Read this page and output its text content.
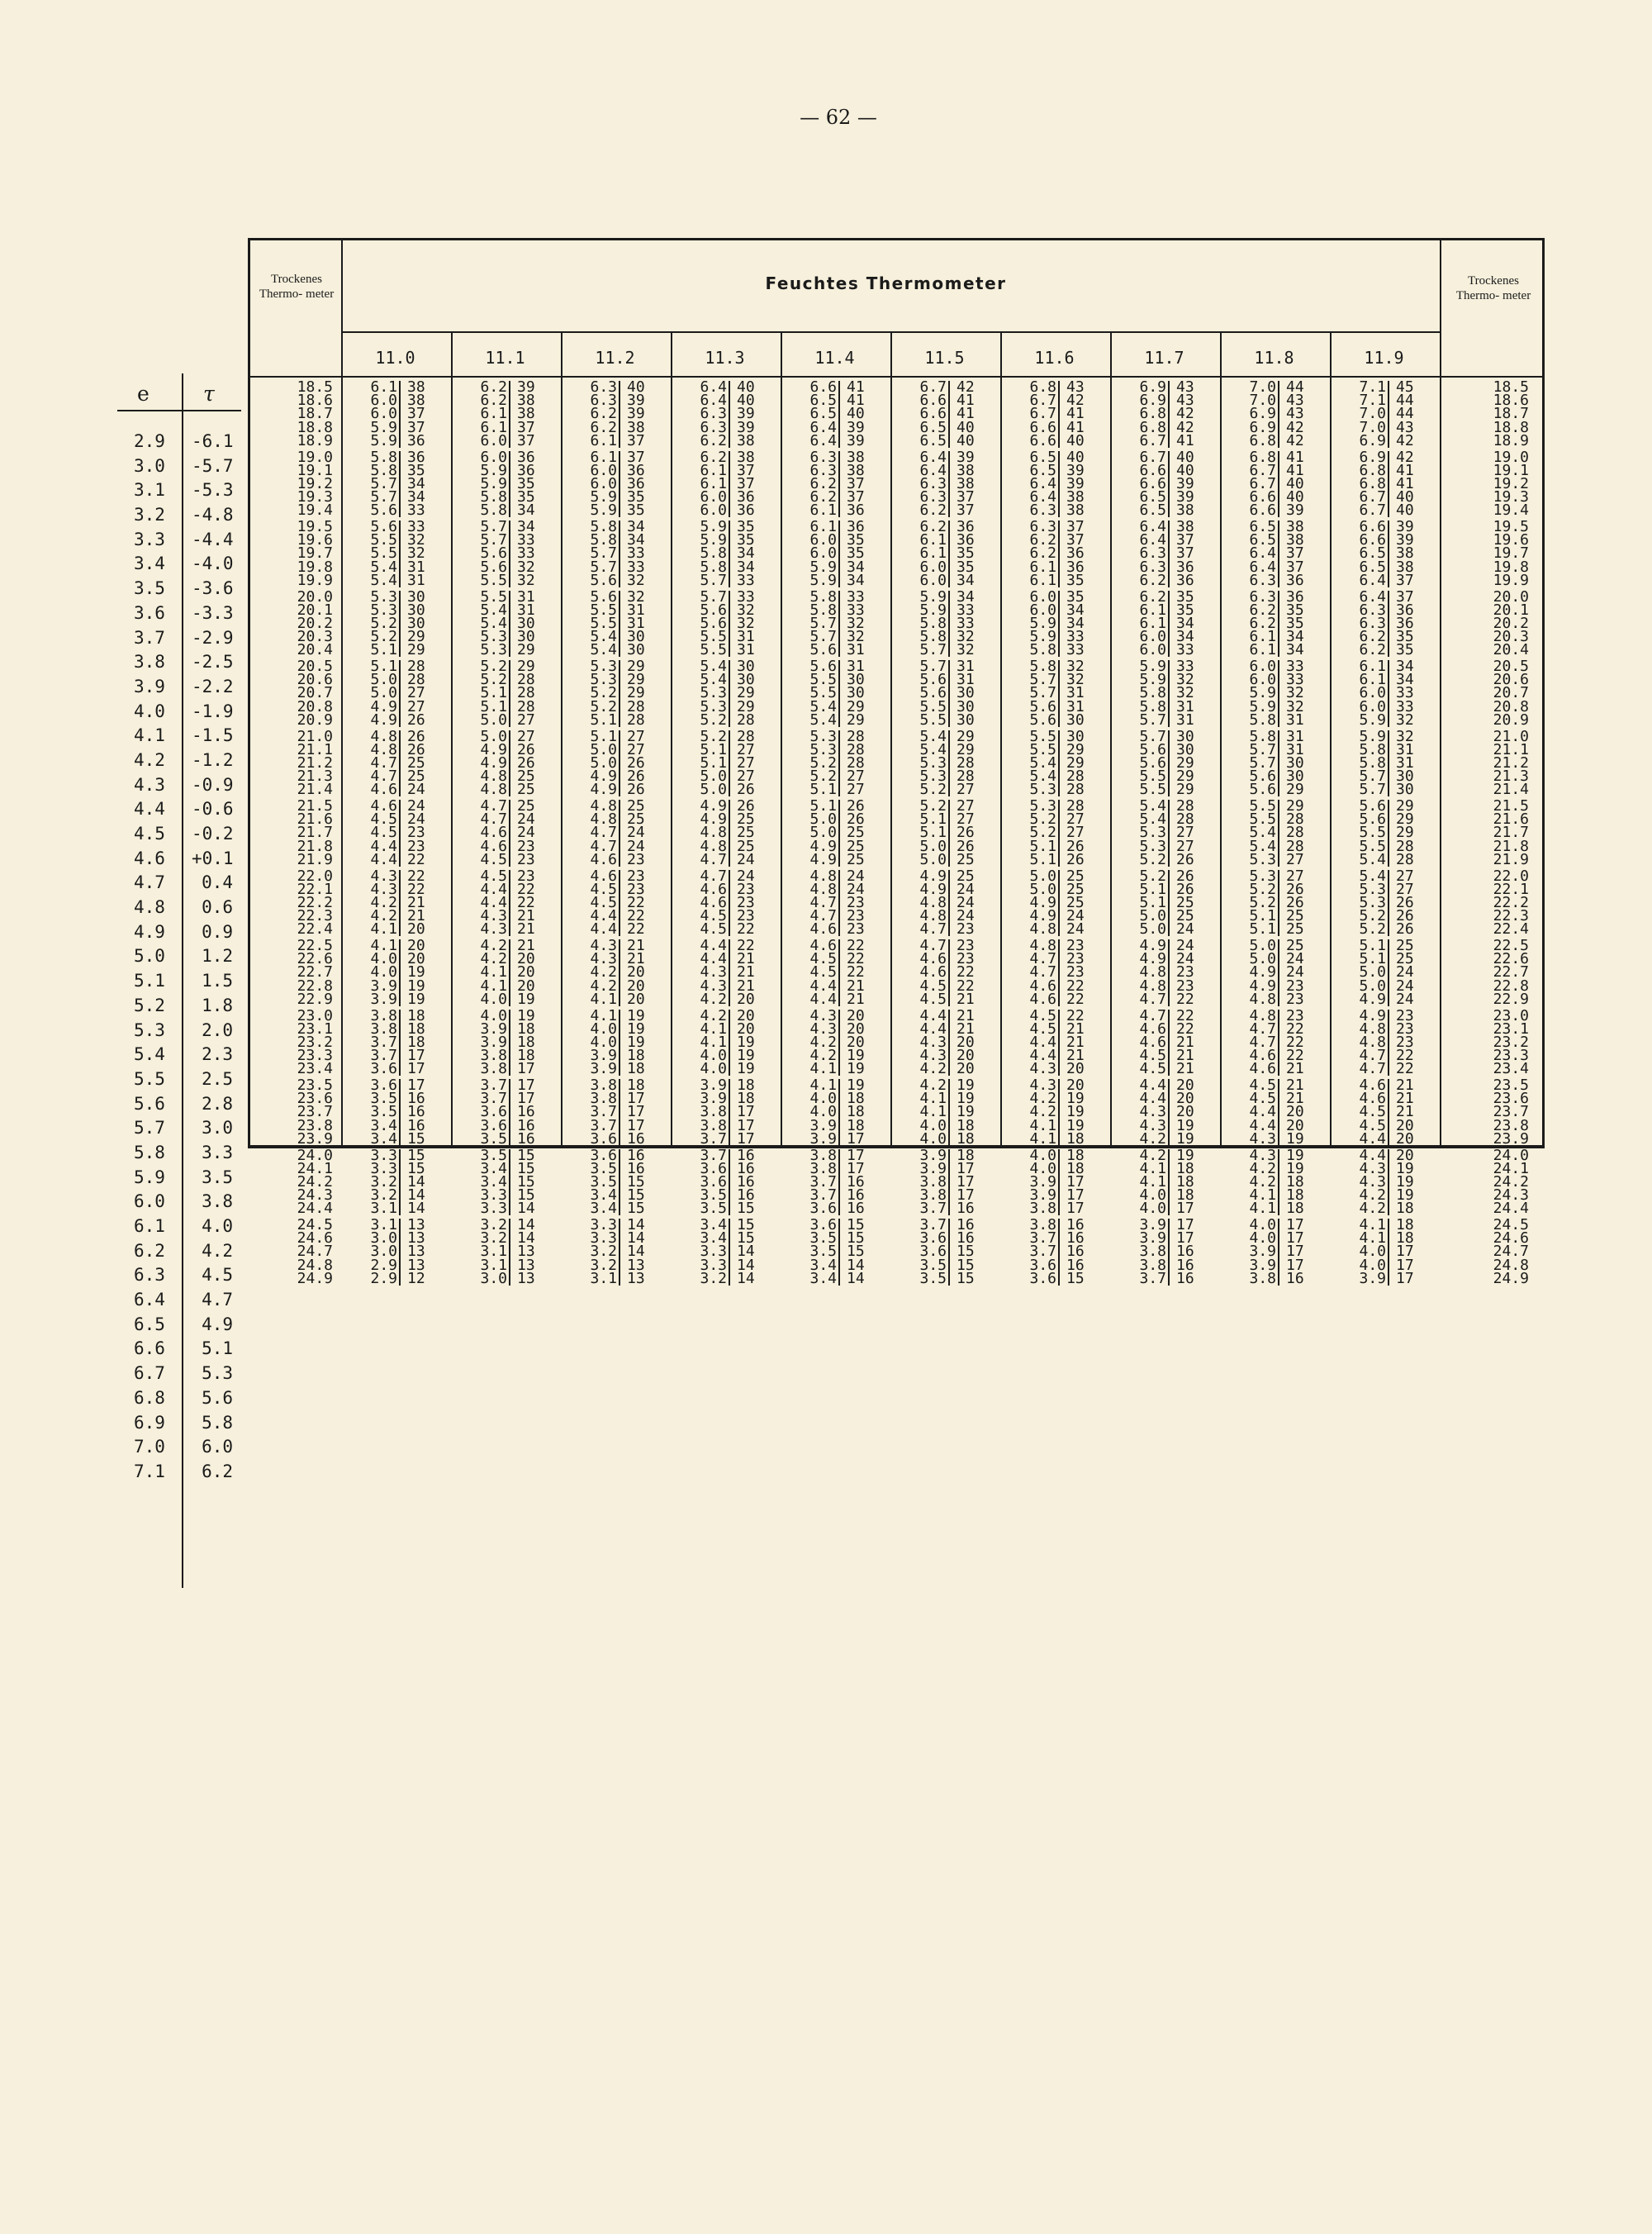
— 62 —
e	τ
2.9 -6.1
3.0 -5.7
3.1 -5.3
3.2 -4.8
3.3 -4.4
3.4 -4.0
3.5 -3.6
3.6 -3.3
3.7 -2.9
3.8 -2.5
3.9 -2.2
4.0 -1.9
4.1 -1.5
4.2 -1.2
4.3 -0.9
4.4 -0.6
4.5 -0.2
4.6 +0.1
4.7	0.4
4.8	0.6
4.9	0.9
5.0	1.2
5.1	1.5
5.2	1.8
5.3	2.0
5.4	2.3
5.5	2.5
5.6	2.8
5.7	3.0
5.8	3.3
5.9	3.5
6.0	3.8
6.1	4.0
6.2	4.2
6.3	4.5
6.4	4.7
6.5	4.9
6.6	5.1
6.7	5.3
6.8	5.6
6.9	5.8
7.0	6.0
7.1	6.2
Trockenes Thermo- meter
Trockenes Thermo- meter
Feuchtes Thermometer
11.0	11.1	11.2	11.3	11.4	11.5	11.6	11.7	11.8	11.9
18.5	6.1 38	6.2 39	6.3 40	6.4 40	6.6 41	6.7 42	6.8 43	6.9 43	7.0 44	7.1 45	18.5
18.6	6.0 38	6.2 38	6.3 39	6.4 40	6.5 41	6.6 41	6.7 42	6.9 43	7.0 43	7.1 44	18.6
18.7	6.0 37	6.1 38	6.2 39	6.3 39	6.5 40	6.6 41	6.7 41	6.8 42	6.9 43	7.0 44	18.7
18.8	5.9 37	6.1 37	6.2 38	6.3 39	6.4 39	6.5 40	6.6 41	6.8 42	6.9 42	7.0 43	18.8
18.9	5.9 36	6.0 37	6.1 37	6.2 38	6.4 39	6.5 40	6.6 40	6.7 41	6.8 42	6.9 42	18.9
19.0	5.8 36	6.0 36	6.1 37	6.2 38	6.3 38	6.4 39	6.5 40	6.7 40	6.8 41	6.9 42	19.0
19.1	5.8 35	5.9 36	6.0 36	6.1 37	6.3 38	6.4 38	6.5 39	6.6 40	6.7 41	6.8 41	19.1
19.2	5.7 34	5.9 35	6.0 36	6.1 37	6.2 37	6.3 38	6.4 39	6.6 39	6.7 40	6.8 41	19.2
19.3	5.7 34	5.8 35	5.9 35	6.0 36	6.2 37	6.3 37	6.4 38	6.5 39	6.6 40	6.7 40	19.3
19.4	5.6 33	5.8 34	5.9 35	6.0 36	6.1 36	6.2 37	6.3 38	6.5 38	6.6 39	6.7 40	19.4
19.5	5.6 33	5.7 34	5.8 34	5.9 35	6.1 36	6.2 36	6.3 37	6.4 38	6.5 38	6.6 39	19.5
19.6	5.5 32	5.7 33	5.8 34	5.9 35	6.0 35	6.1 36	6.2 37	6.4 37	6.5 38	6.6 39	19.6
19.7	5.5 32	5.6 33	5.7 33	5.8 34	6.0 35	6.1 35	6.2 36	6.3 37	6.4 37	6.5 38	19.7
19.8	5.4 31	5.6 32	5.7 33	5.8 34	5.9 34	6.0 35	6.1 36	6.3 36	6.4 37	6.5 38	19.8
19.9	5.4 31	5.5 32	5.6 32	5.7 33	5.9 34	6.0 34	6.1 35	6.2 36	6.3 36	6.4 37	19.9
20.0	5.3 30	5.5 31	5.6 32	5.7 33	5.8 33	5.9 34	6.0 35	6.2 35	6.3 36	6.4 37	20.0
20.1	5.3 30	5.4 31	5.5 31	5.6 32	5.8 33	5.9 33	6.0 34	6.1 35	6.2 35	6.3 36	20.1
20.2	5.2 30	5.4 30	5.5 31	5.6 32	5.7 32	5.8 33	5.9 34	6.1 34	6.2 35	6.3 36	20.2
20.3	5.2 29	5.3 30	5.4 30	5.5 31	5.7 32	5.8 32	5.9 33	6.0 34	6.1 34	6.2 35	20.3
20.4	5.1 29	5.3 29	5.4 30	5.5 31	5.6 31	5.7 32	5.8 33	6.0 33	6.1 34	6.2 35	20.4
20.5	5.1 28	5.2 29	5.3 29	5.4 30	5.6 31	5.7 31	5.8 32	5.9 33	6.0 33	6.1 34	20.5
20.6	5.0 28	5.2 28	5.3 29	5.4 30	5.5 30	5.6 31	5.7 32	5.9 32	6.0 33	6.1 34	20.6
20.7	5.0 27	5.1 28	5.2 29	5.3 29	5.5 30	5.6 30	5.7 31	5.8 32	5.9 32	6.0 33	20.7
20.8	4.9 27	5.1 28	5.2 28	5.3 29	5.4 29	5.5 30	5.6 31	5.8 31	5.9 32	6.0 33	20.8
20.9	4.9 26	5.0 27	5.1 28	5.2 28	5.4 29	5.5 30	5.6 30	5.7 31	5.8 31	5.9 32	20.9
21.0	4.8 26	5.0 27	5.1 27	5.2 28	5.3 28	5.4 29	5.5 30	5.7 30	5.8 31	5.9 32	21.0
21.1	4.8 26	4.9 26	5.0 27	5.1 27	5.3 28	5.4 29	5.5 29	5.6 30	5.7 31	5.8 31	21.1
21.2	4.7 25	4.9 26	5.0 26	5.1 27	5.2 28	5.3 28	5.4 29	5.6 29	5.7 30	5.8 31	21.2
21.3	4.7 25	4.8 25	4.9 26	5.0 27	5.2 27	5.3 28	5.4 28	5.5 29	5.6 30	5.7 30	21.3
21.4	4.6 24	4.8 25	4.9 26	5.0 26	5.1 27	5.2 27	5.3 28	5.5 29	5.6 29	5.7 30	21.4
21.5	4.6 24	4.7 25	4.8 25	4.9 26	5.1 26	5.2 27	5.3 28	5.4 28	5.5 29	5.6 29	21.5
21.6	4.5 24	4.7 24	4.8 25	4.9 25	5.0 26	5.1 27	5.2 27	5.4 28	5.5 28	5.6 29	21.6
21.7	4.5 23	4.6 24	4.7 24	4.8 25	5.0 25	5.1 26	5.2 27	5.3 27	5.4 28	5.5 29	21.7
21.8	4.4 23	4.6 23	4.7 24	4.8 25	4.9 25	5.0 26	5.1 26	5.3 27	5.4 28	5.5 28	21.8
21.9	4.4 22	4.5 23	4.6 23	4.7 24	4.9 25	5.0 25	5.1 26	5.2 26	5.3 27	5.4 28	21.9
22.0	4.3 22	4.5 23	4.6 23	4.7 24	4.8 24	4.9 25	5.0 25	5.2 26	5.3 27	5.4 27	22.0
22.1	4.3 22	4.4 22	4.5 23	4.6 23	4.8 24	4.9 24	5.0 25	5.1 26	5.2 26	5.3 27	22.1
22.2	4.2 21	4.4 22	4.5 22	4.6 23	4.7 23	4.8 24	4.9 25	5.1 25	5.2 26	5.3 26	22.2
22.3	4.2 21	4.3 21	4.4 22	4.5 23	4.7 23	4.8 24	4.9 24	5.0 25	5.1 25	5.2 26	22.3
22.4	4.1 20	4.3 21	4.4 22	4.5 22	4.6 23	4.7 23	4.8 24	5.0 24	5.1 25	5.2 26	22.4
22.5	4.1 20	4.2 21	4.3 21	4.4 22	4.6 22	4.7 23	4.8 23	4.9 24	5.0 25	5.1 25	22.5
22.6	4.0 20	4.2 20	4.3 21	4.4 21	4.5 22	4.6 23	4.7 23	4.9 24	5.0 24	5.1 25	22.6
22.7	4.0 19	4.1 20	4.2 20	4.3 21	4.5 22	4.6 22	4.7 23	4.8 23	4.9 24	5.0 24	22.7
22.8	3.9 19	4.1 20	4.2 20	4.3 21	4.4 21	4.5 22	4.6 22	4.8 23	4.9 23	5.0 24	22.8
22.9	3.9 19	4.0 19	4.1 20	4.2 20	4.4 21	4.5 21	4.6 22	4.7 22	4.8 23	4.9 24	22.9
23.0	3.8 18	4.0 19	4.1 19	4.2 20	4.3 20	4.4 21	4.5 22	4.7 22	4.8 23	4.9 23	23.0
23.1	3.8 18	3.9 18	4.0 19	4.1 20	4.3 20	4.4 21	4.5 21	4.6 22	4.7 22	4.8 23	23.1
23.2	3.7 18	3.9 18	4.0 19	4.1 19	4.2 20	4.3 20	4.4 21	4.6 21	4.7 22	4.8 23	23.2
23.3	3.7 17	3.8 18	3.9 18	4.0 19	4.2 19	4.3 20	4.4 21	4.5 21	4.6 22	4.7 22	23.3
23.4	3.6 17	3.8 17	3.9 18	4.0 19	4.1 19	4.2 20	4.3 20	4.5 21	4.6 21	4.7 22	23.4
23.5	3.6 17	3.7 17	3.8 18	3.9 18	4.1 19	4.2 19	4.3 20	4.4 20	4.5 21	4.6 21	23.5
23.6	3.5 16	3.7 17	3.8 17	3.9 18	4.0 18	4.1 19	4.2 19	4.4 20	4.5 21	4.6 21	23.6
23.7	3.5 16	3.6 16	3.7 17	3.8 17	4.0 18	4.1 19	4.2 19	4.3 20	4.4 20	4.5 21	23.7
23.8	3.4 16	3.6 16	3.7 17	3.8 17	3.9 18	4.0 18	4.1 19	4.3 19	4.4 20	4.5 20	23.8
23.9	3.4 15	3.5 16	3.6 16	3.7 17	3.9 17	4.0 18	4.1 18	4.2 19	4.3 19	4.4 20	23.9
24.0	3.3 15	3.5 15	3.6 16	3.7 16	3.8 17	3.9 18	4.0 18	4.2 19	4.3 19	4.4 20	24.0
24.1	3.3 15	3.4 15	3.5 16	3.6 16	3.8 17	3.9 17	4.0 18	4.1 18	4.2 19	4.3 19	24.1
24.2	3.2 14	3.4 15	3.5 15	3.6 16	3.7 16	3.8 17	3.9 17	4.1 18	4.2 18	4.3 19	24.2
24.3	3.2 14	3.3 15	3.4 15	3.5 16	3.7 16	3.8 17	3.9 17	4.0 18	4.1 18	4.2 19	24.3
24.4	3.1 14	3.3 14	3.4 15	3.5 15	3.6 16	3.7 16	3.8 17	4.0 17	4.1 18	4.2 18	24.4
24.5	3.1 13	3.2 14	3.3 14	3.4 15	3.6 15	3.7 16	3.8 16	3.9 17	4.0 17	4.1 18	24.5
24.6	3.0 13	3.2 14	3.3 14	3.4 15	3.5 15	3.6 16	3.7 16	3.9 17	4.0 17	4.1 18	24.6
24.7	3.0 13	3.1 13	3.2 14	3.3 14	3.5 15	3.6 15	3.7 16	3.8 16	3.9 17	4.0 17	24.7
24.8	2.9 13	3.1 13	3.2 13	3.3 14	3.4 14	3.5 15	3.6 16	3.8 16	3.9 17	4.0 17	24.8
24.9	2.9 12	3.0 13	3.1 13	3.2 14	3.4 14	3.5 15	3.6 15	3.7 16	3.8 16	3.9 17	24.9
